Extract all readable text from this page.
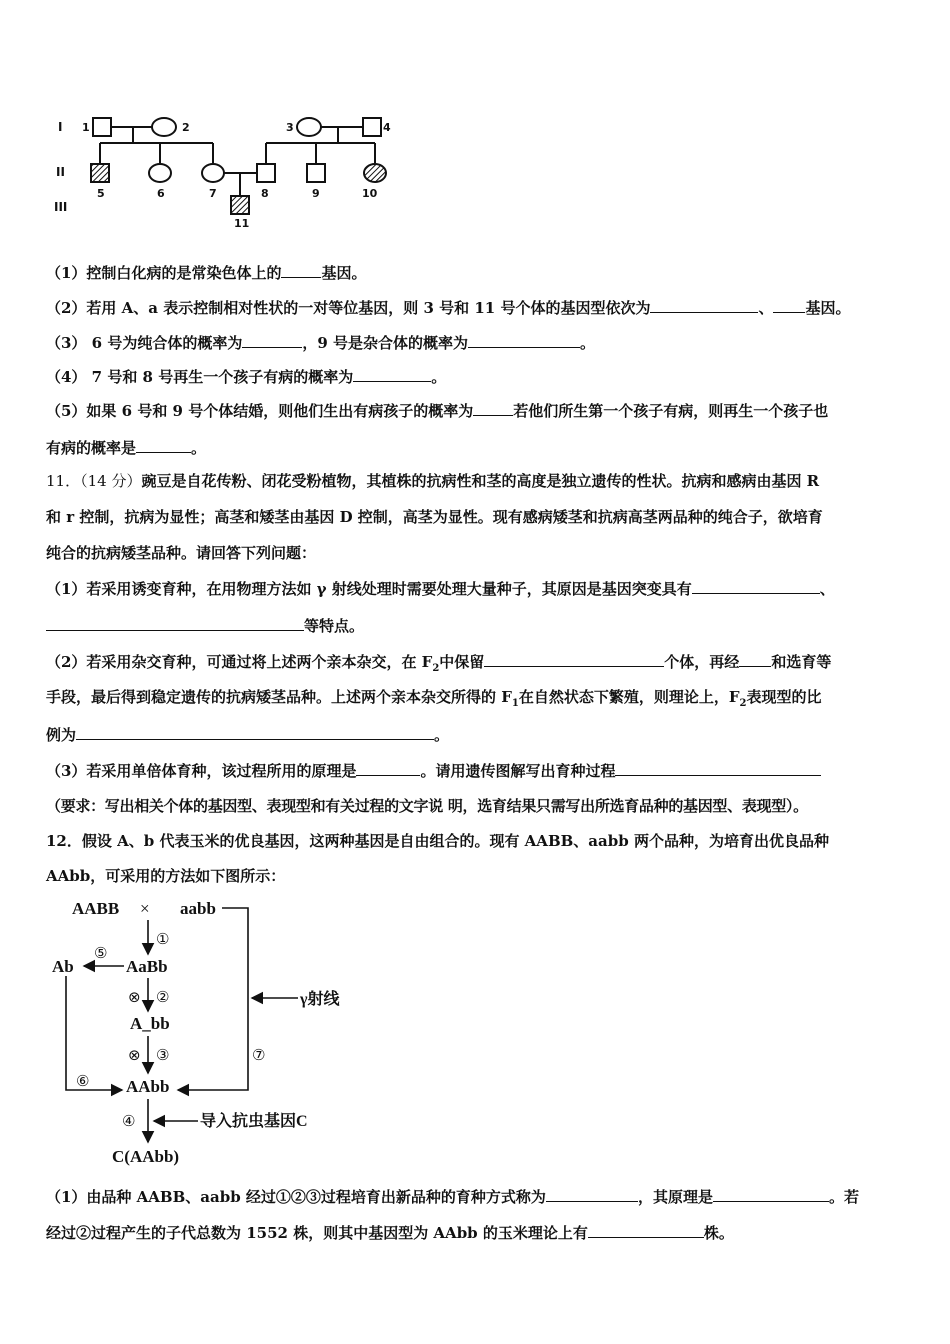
I
II
III
1	2	3	4
5	6	7	8	9	10
11
（1）控制白化病的是常染色体上的	基因。
（2）若用 A、a 表示控制相对性状的一对等位基因，则 3 号和 11 号个体的基因型依次为	、 基因。
（3） 6 号为纯合体的概率为	，9 号是杂合体的概率为	。
（4） 7 号和 8 号再生一个孩子有病的概率为	。
（5）如果 6 号和 9 号个体结婚，则他们生出有病孩子的概率为	若他们所生第一个孩子有病，则再生一个孩子也
有病的概率是	。
11．（14 分）豌豆是自花传粉、闭花受粉植物，其植株的抗病性和茎的高度是独立遗传的性状。抗病和感病由基因 R
和 r 控制，抗病为显性；高茎和矮茎由基因 D 控制，高茎为显性。现有感病矮茎和抗病高茎两品种的纯合子，欲培育
纯合的抗病矮茎品种。请回答下列问题：
（1）若采用诱变育种，在用物理方法如 γ 射线处理时需要处理大量种子，其原因是基因突变具有	、
等特点。
（2）若采用杂交育种，可通过将上述两个亲本杂交，在 $F_2$中保留	个体，再经 和选育等
手段，最后得到稳定遗传的抗病矮茎品种。上述两个亲本杂交所得的 $F_1$在自然状态下繁殖，则理论上，$F_2$表现型的比
例为	。
（3）若采用单倍体育种，该过程所用的原理是	。请用遗传图解写出育种过程
（要求：写出相关个体的基因型、表现型和有关过程的文字说 明，选育结果只需写出所选育品种的基因型、表现型）。
12．假设 A、b 代表玉米的优良基因，这两种基因是自由组合的。现有 AABB、aabb 两个品种，为培育出优良品种
AAbb，可采用的方法如下图所示：
AABB × aabb
AaBb
Ab
A_bb
AAbb
C(AAbb)
γ射线
导入抗虫基因C
①
②
③
④
⑤
⑥
⑦
⊗
⊗
（1）由品种 AABB、aabb 经过①②③过程培育出新品种的育种方式称为	，其原理是	。若
经过②过程产生的子代总数为 1552 株，则其中基因型为 AAbb 的玉米理论上有	株。
